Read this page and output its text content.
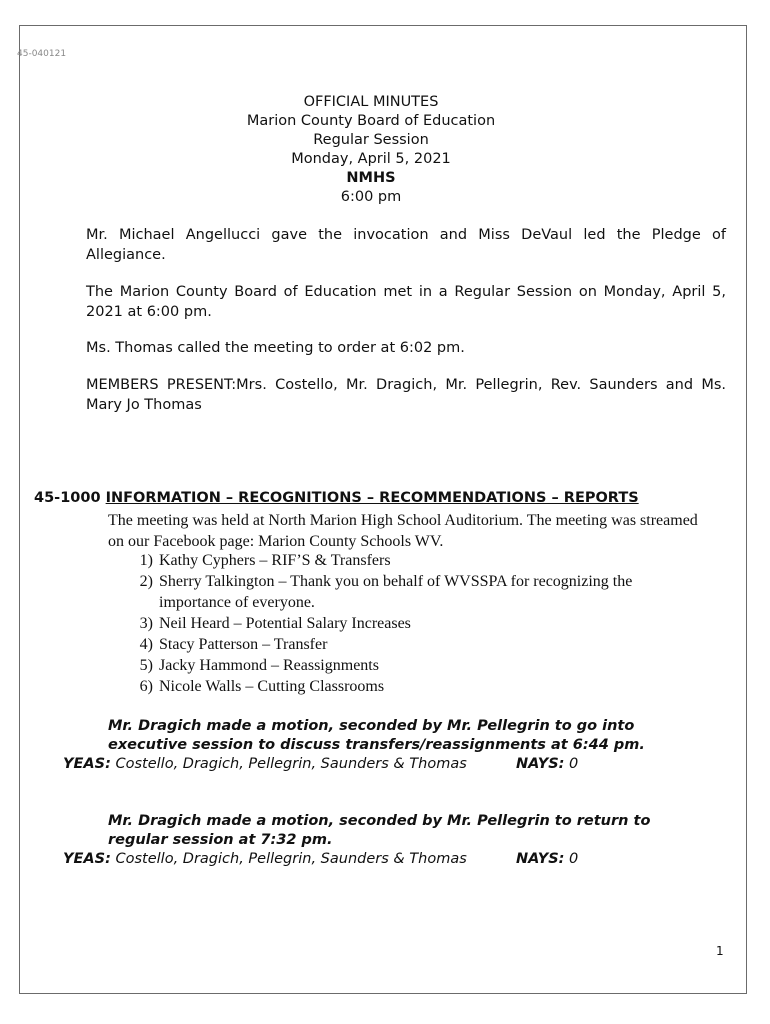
45-040121
OFFICIAL MINUTES
Marion County Board of Education
Regular Session
Monday, April 5, 2021
NMHS
6:00 pm
Mr. Michael Angellucci gave the invocation and Miss DeVaul led the Pledge of Allegiance.
The Marion County Board of Education met in a Regular Session on Monday, April 5, 2021 at 6:00 pm.
Ms. Thomas called the meeting to order at 6:02 pm.
MEMBERS PRESENT:Mrs. Costello, Mr. Dragich, Mr. Pellegrin, Rev. Saunders and Ms. Mary Jo Thomas
45-1000 INFORMATION – RECOGNITIONS – RECOMMENDATIONS – REPORTS
The meeting was held at North Marion High School Auditorium. The meeting was streamed on our Facebook page: Marion County Schools WV.
1) Kathy Cyphers – RIF’S & Transfers
2) Sherry Talkington – Thank you on behalf of WVSSPA for recognizing the importance of everyone.
3) Neil Heard – Potential Salary Increases
4) Stacy Patterson – Transfer
5) Jacky Hammond – Reassignments
6) Nicole Walls – Cutting Classrooms
Mr. Dragich made a motion, seconded by Mr. Pellegrin to go into executive session to discuss transfers/reassignments at 6:44 pm.
YEAS: Costello, Dragich, Pellegrin, Saunders & Thomas	NAYS: 0
Mr. Dragich made a motion, seconded by Mr. Pellegrin to return to regular session at 7:32 pm.
YEAS: Costello, Dragich, Pellegrin, Saunders & Thomas	NAYS: 0
1
